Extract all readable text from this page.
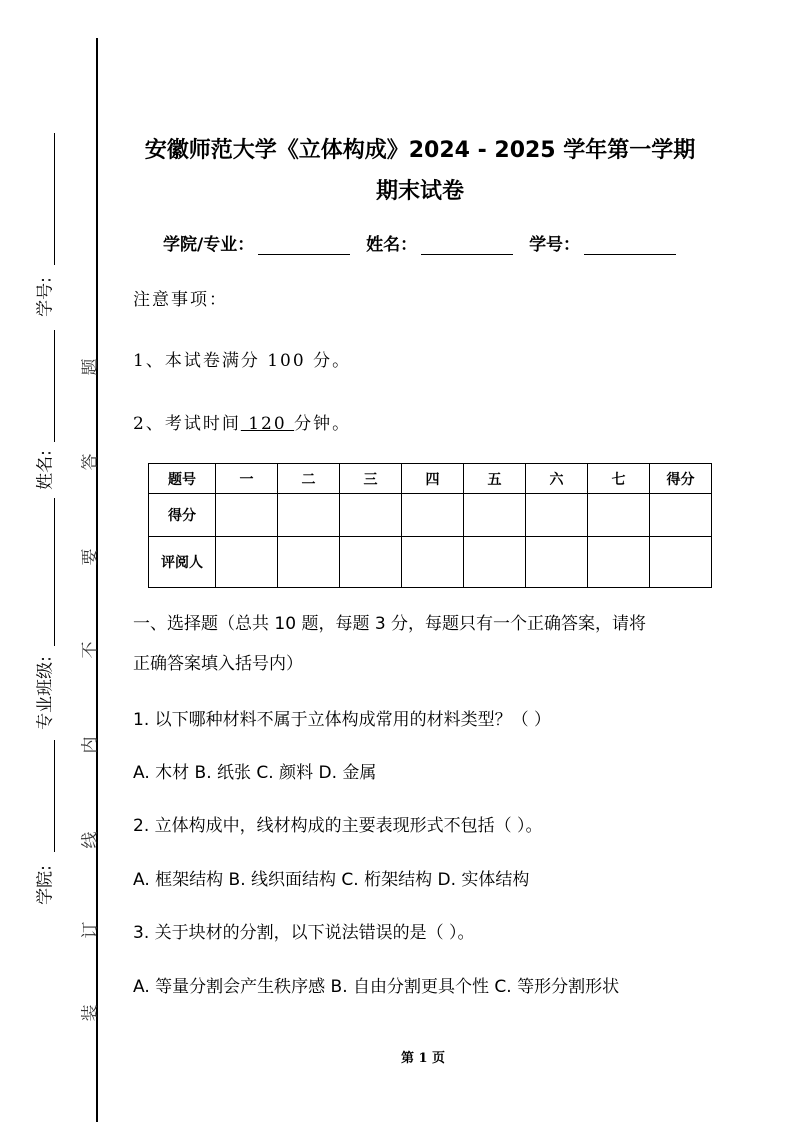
学号:
姓名:
专业班级:
学院:
题
答
要
不
内
线
订
装
安徽师范大学《立体构成》2024 - 2025 学年第一学期
期末试卷
学院/专业：	姓名：	学号：
注意事项：
1、本试卷满分 100 分。
2、考试时间 120 分钟。
题号	一	二	三	四	五	六	七	得分
得分								
评阅人								
一、选择题（总共 10 题，每题 3 分，每题只有一个正确答案，请将
正确答案填入括号内）
1. 以下哪种材料不属于立体构成常用的材料类型？（ ）
A. 木材 B. 纸张 C. 颜料 D. 金属
2. 立体构成中，线材构成的主要表现形式不包括（ ）。
A. 框架结构 B. 线织面结构 C. 桁架结构 D. 实体结构
3. 关于块材的分割，以下说法错误的是（ ）。
A. 等量分割会产生秩序感 B. 自由分割更具个性 C. 等形分割形状
第 1 页
